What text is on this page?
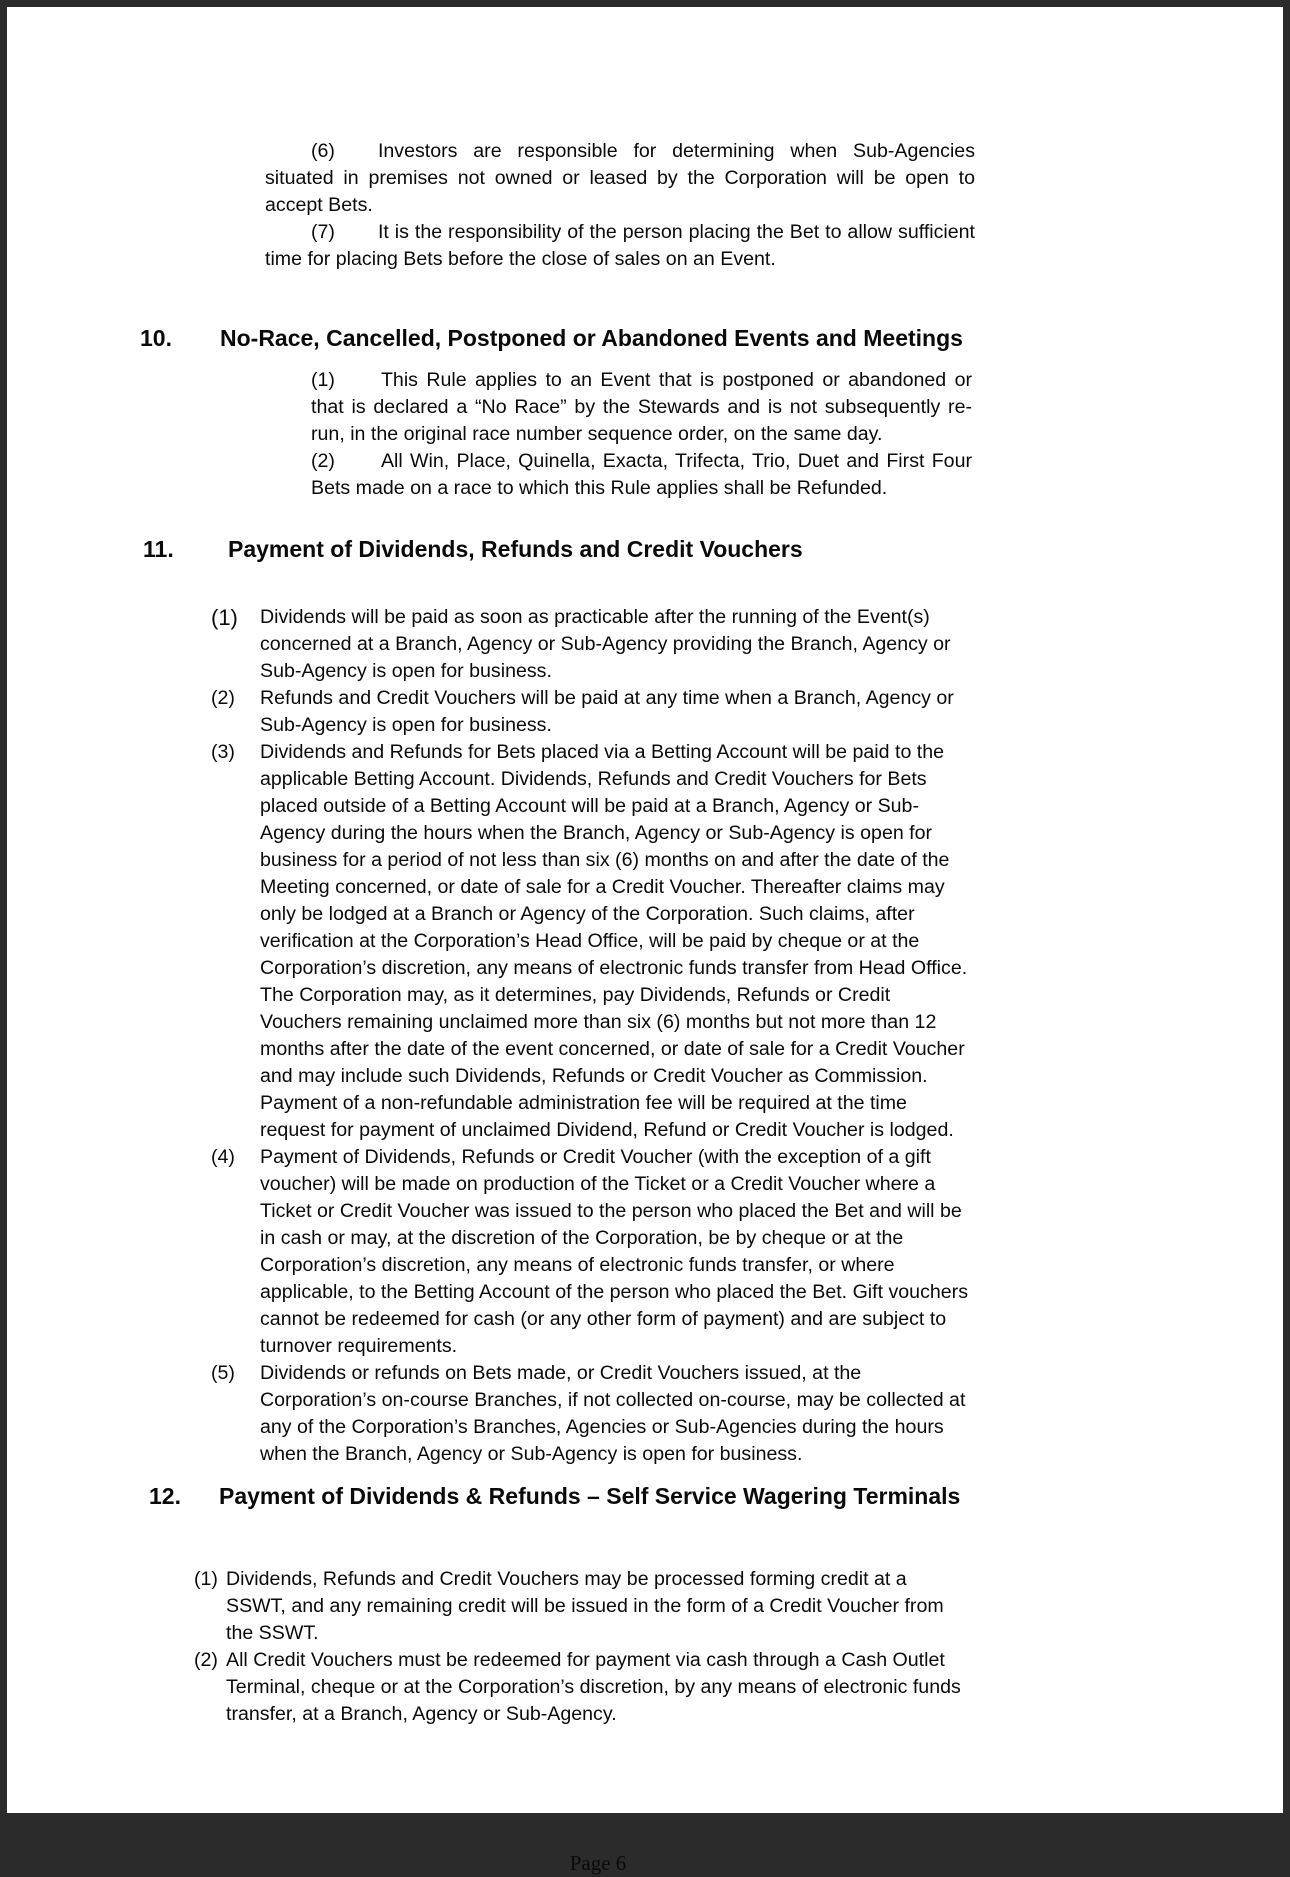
(6) Investors are responsible for determining when Sub-Agencies situated in premises not owned or leased by the Corporation will be open to accept Bets.

(7) It is the responsibility of the person placing the Bet to allow sufficient time for placing Bets before the close of sales on an Event.

10.	No-Race, Cancelled, Postponed or Abandoned Events and Meetings

(1) This Rule applies to an Event that is postponed or abandoned or that is declared a “No Race” by the Stewards and is not subsequently re-run, in the original race number sequence order, on the same day.

(2) All Win, Place, Quinella, Exacta, Trifecta, Trio, Duet and First Four Bets made on a race to which this Rule applies shall be Refunded.

11.	Payment of Dividends, Refunds and Credit Vouchers
(1)	Dividends will be paid as soon as practicable after the running of the Event(s) concerned at a Branch, Agency or Sub-Agency providing the Branch, Agency or Sub-Agency is open for business.
(2)	Refunds and Credit Vouchers will be paid at any time when a Branch, Agency or Sub-Agency is open for business.
(3)	Dividends and Refunds for Bets placed via a Betting Account will be paid to the applicable Betting Account. Dividends, Refunds and Credit Vouchers for Bets placed outside of a Betting Account will be paid at a Branch, Agency or Sub-Agency during the hours when the Branch, Agency or Sub-Agency is open for business for a period of not less than six (6) months on and after the date of the Meeting concerned, or date of sale for a Credit Voucher. Thereafter claims may only be lodged at a Branch or Agency of the Corporation. Such claims, after verification at the Corporation’s Head Office, will be paid by cheque or at the Corporation’s discretion, any means of electronic funds transfer from Head Office. The Corporation may, as it determines, pay Dividends, Refunds or Credit Vouchers remaining unclaimed more than six (6) months but not more than 12 months after the date of the event concerned, or date of sale for a Credit Voucher and may include such Dividends, Refunds or Credit Voucher as Commission. Payment of a non-refundable administration fee will be required at the time request for payment of unclaimed Dividend, Refund or Credit Voucher is lodged.
(4)	Payment of Dividends, Refunds or Credit Voucher (with the exception of a gift voucher) will be made on production of the Ticket or a Credit Voucher where a Ticket or Credit Voucher was issued to the person who placed the Bet and will be in cash or may, at the discretion of the Corporation, be by cheque or at the Corporation’s discretion, any means of electronic funds transfer, or where applicable, to the Betting Account of the person who placed the Bet. Gift vouchers cannot be redeemed for cash (or any other form of payment) and are subject to turnover requirements.
(5)	Dividends or refunds on Bets made, or Credit Vouchers issued, at the Corporation’s on-course Branches, if not collected on-course, may be collected at any of the Corporation’s Branches, Agencies or Sub-Agencies during the hours when the Branch, Agency or Sub-Agency is open for business.
12.	Payment of Dividends & Refunds – Self Service Wagering Terminals
(1) Dividends, Refunds and Credit Vouchers may be processed forming credit at a SSWT, and any remaining credit will be issued in the form of a Credit Voucher from the SSWT.
(2) All Credit Vouchers must be redeemed for payment via cash through a Cash Outlet Terminal, cheque or at the Corporation’s discretion, by any means of electronic funds transfer, at a Branch, Agency or Sub-Agency.
Page 6
